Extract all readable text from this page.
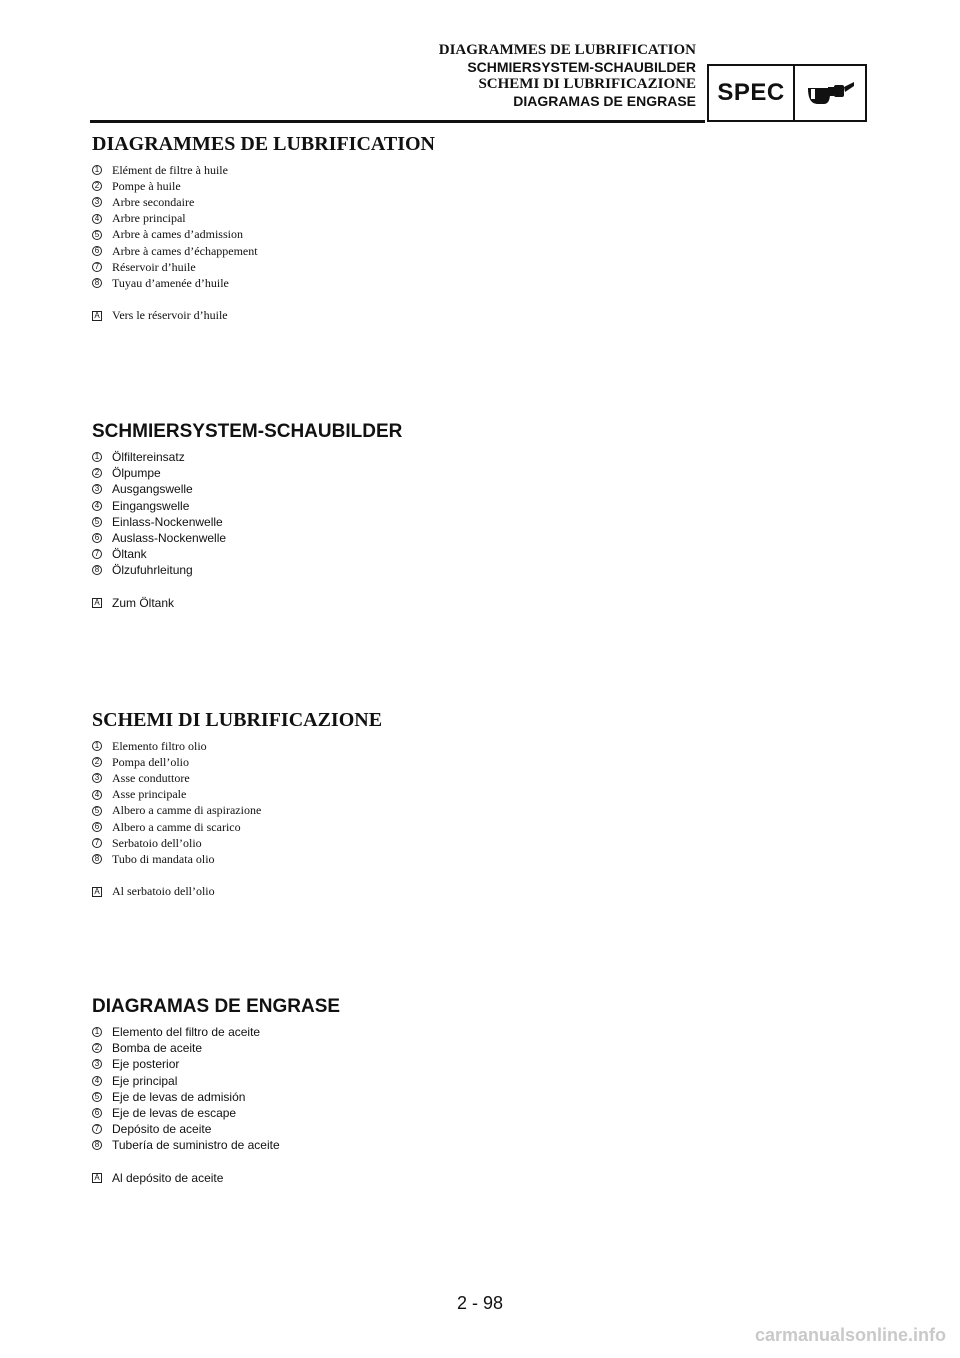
DIAGRAMMES DE LUBRIFICATION
SCHMIERSYSTEM-SCHAUBILDER
SCHEMI DI LUBRIFICAZIONE
DIAGRAMAS DE ENGRASE SPEC
DIAGRAMMES DE LUBRIFICATION
1 Elément de filtre à huile
2 Pompe à huile
3 Arbre secondaire
4 Arbre principal
5 Arbre à cames d’admission
6 Arbre à cames d’échappement
7 Réservoir d’huile
8 Tuyau d’amenée d’huile
A Vers le réservoir d’huile
SCHMIERSYSTEM-SCHAUBILDER
1 Ölfiltereinsatz
2 Ölpumpe
3 Ausgangswelle
4 Eingangswelle
5 Einlass-Nockenwelle
6 Auslass-Nockenwelle
7 Öltank
8 Ölzufuhrleitung
A Zum Öltank
SCHEMI DI LUBRIFICAZIONE
1 Elemento filtro olio
2 Pompa dell’olio
3 Asse conduttore
4 Asse principale
5 Albero a camme di aspirazione
6 Albero a camme di scarico
7 Serbatoio dell’olio
8 Tubo di mandata olio
A Al serbatoio dell’olio
DIAGRAMAS DE ENGRASE
1 Elemento del filtro de aceite
2 Bomba de aceite
3 Eje posterior
4 Eje principal
5 Eje de levas de admisión
6 Eje de levas de escape
7 Depósito de aceite
8 Tubería de suministro de aceite
A Al depósito de aceite
2 - 98
carmanualsonline.info
